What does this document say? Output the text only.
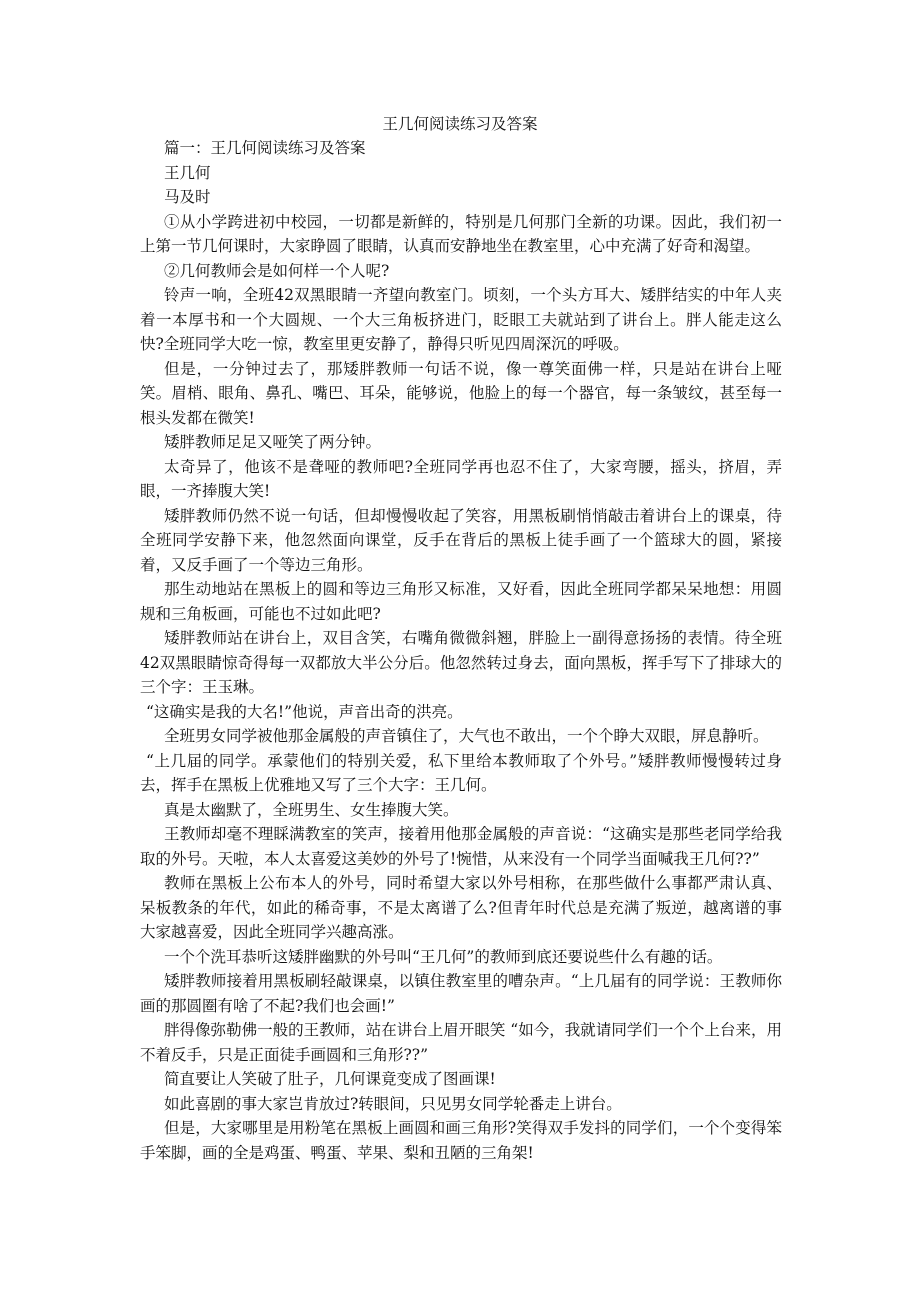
王几何阅读练习及答案

篇一：王几何阅读练习及答案

王几何

马及时

①从小学跨进初中校园，一切都是新鲜的，特别是几何那门全新的功课。因此，我们初一上第一节几何课时，大家睁圆了眼睛，认真而安静地坐在教室里，心中充满了好奇和渴望。

②几何教师会是如何样一个人呢?

铃声一响，全班42双黑眼睛一齐望向教室门。顷刻，一个头方耳大、矮胖结实的中年人夹着一本厚书和一个大圆规、一个大三角板挤进门，眨眼工夫就站到了讲台上。胖人能走这么快?全班同学大吃一惊，教室里更安静了，静得只听见四周深沉的呼吸。

但是，一分钟过去了，那矮胖教师一句话不说，像一尊笑面佛一样，只是站在讲台上哑笑。眉梢、眼角、鼻孔、嘴巴、耳朵，能够说，他脸上的每一个器官，每一条皱纹，甚至每一根头发都在微笑!

矮胖教师足足又哑笑了两分钟。

太奇异了，他该不是聋哑的教师吧?全班同学再也忍不住了，大家弯腰，摇头，挤眉，弄眼，一齐捧腹大笑!

矮胖教师仍然不说一句话，但却慢慢收起了笑容，用黑板刷悄悄敲击着讲台上的课桌，待全班同学安静下来，他忽然面向课堂，反手在背后的黑板上徒手画了一个篮球大的圆，紧接着，又反手画了一个等边三角形。

那生动地站在黑板上的圆和等边三角形又标准，又好看，因此全班同学都呆呆地想：用圆规和三角板画，可能也不过如此吧?

矮胖教师站在讲台上，双目含笑，右嘴角微微斜翘，胖脸上一副得意扬扬的表情。待全班42双黑眼睛惊奇得每一双都放大半公分后。他忽然转过身去，面向黑板，挥手写下了排球大的三个字：王玉琳。

“这确实是我的大名!”他说，声音出奇的洪亮。

全班男女同学被他那金属般的声音镇住了，大气也不敢出，一个个睁大双眼，屏息静听。

“上几届的同学。承蒙他们的特别关爱，私下里给本教师取了个外号。”矮胖教师慢慢转过身去，挥手在黑板上优雅地又写了三个大字：王几何。

真是太幽默了，全班男生、女生捧腹大笑。

王教师却毫不理睬满教室的笑声，接着用他那金属般的声音说：“这确实是那些老同学给我取的外号。天啦，本人太喜爱这美妙的外号了!惋惜，从来没有一个同学当面喊我王几何??”

教师在黑板上公布本人的外号，同时希望大家以外号相称，在那些做什么事都严肃认真、呆板教条的年代，如此的稀奇事，不是太离谱了么?但青年时代总是充满了叛逆，越离谱的事大家越喜爱，因此全班同学兴趣高涨。

一个个洗耳恭听这矮胖幽默的外号叫“王几何”的教师到底还要说些什么有趣的话。

矮胖教师接着用黑板刷轻敲课桌，以镇住教室里的嘈杂声。“上几届有的同学说：王教师你画的那圆圈有啥了不起?我们也会画!”

胖得像弥勒佛一般的王教师，站在讲台上眉开眼笑 “如今，我就请同学们一个个上台来，用不着反手，只是正面徒手画圆和三角形??”

简直要让人笑破了肚子，几何课竟变成了图画课!

如此喜剧的事大家岂肯放过?转眼间，只见男女同学轮番走上讲台。

但是，大家哪里是用粉笔在黑板上画圆和画三角形?笑得双手发抖的同学们，一个个变得笨手笨脚，画的全是鸡蛋、鸭蛋、苹果、梨和丑陋的三角架!
